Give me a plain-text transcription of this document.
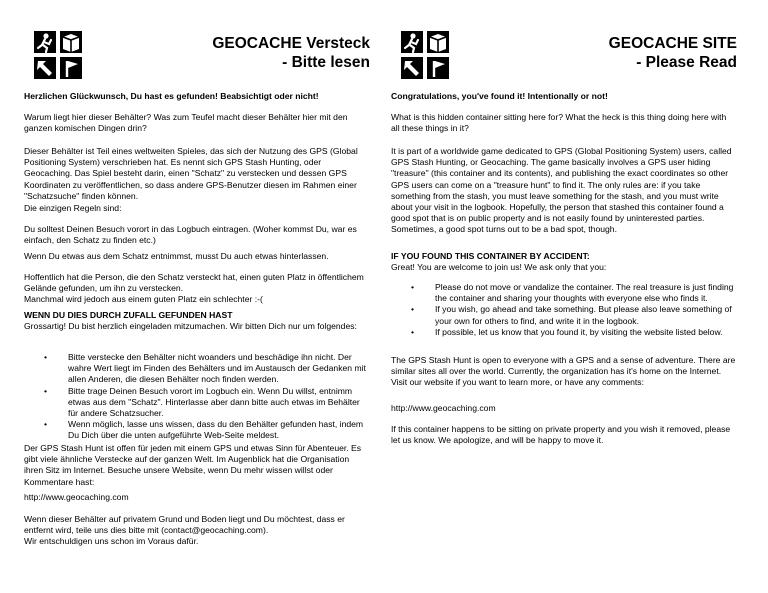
GEOCACHE Versteck
- Bitte lesen

Herzlichen Glückwunsch, Du hast es gefunden! Beabsichtigt oder nicht!

Warum liegt hier dieser Behälter? Was zum Teufel macht dieser Behälter hier mit den ganzen komischen Dingen drin?

Dieser Behälter ist Teil eines weltweiten Spieles, das sich der Nutzung des GPS (Global Positioning System) verschrieben hat. Es nennt sich GPS Stash Hunting, oder Geocaching. Das Spiel besteht darin, einen "Schatz" zu verstecken und dessen GPS Koordinaten zu veröffentlichen, so dass andere GPS-Benutzer diesen im Rahmen einer "Schatzsuche" finden können.

Die einzigen Regeln sind:

Du solltest Deinen Besuch vorort in das Logbuch eintragen. (Woher kommst Du, war es einfach, den Schatz zu finden etc.)

Wenn Du etwas aus dem Schatz entnimmst, musst Du auch etwas hinterlassen.

Hoffentlich hat die Person, die den Schatz versteckt hat, einen guten Platz in öffentlichem Gelände gefunden, um ihn zu verstecken.

Manchmal wird jedoch aus einem guten Platz ein schlechter :-(

WENN DU DIES DURCH ZUFALL GEFUNDEN HAST

Grossartig! Du bist herzlich eingeladen mitzumachen. Wir bitten Dich nur um folgendes:

• Bitte verstecke den Behälter nicht woanders und beschädige ihn nicht. Der wahre Wert liegt im Finden des Behälters und im Austausch der Gedanken mit allen Anderen, die diesen Behälter noch finden werden.
• Bitte trage Deinen Besuch vorort im Logbuch ein. Wenn Du willst, entnimm etwas aus dem "Schatz". Hinterlasse aber dann bitte auch etwas im Behälter für andere Schatzsucher.
• Wenn möglich, lasse uns wissen, dass du den Behälter gefunden hast, indem Du Dich über die unten aufgeführte Web-Seite meldest.

Der GPS Stash Hunt ist offen für jeden mit einem GPS und etwas Sinn für Abenteuer. Es gibt viele ähnliche Verstecke auf der ganzen Welt. Im Augenblick hat die Organisation ihren Sitz im Internet. Besuche unsere Website, wenn Du mehr wissen willst oder Kommentare hast:

http://www.geocaching.com

Wenn dieser Behälter auf privatem Grund und Boden liegt und Du möchtest, dass er entfernt wird, teile uns dies bitte mit (contact@geocaching.com).

Wir entschuldigen uns schon im Voraus dafür.

GEOCACHE SITE
- Please Read

Congratulations, you've found it! Intentionally or not!

What is this hidden container sitting here for? What the heck is this thing doing here with all these things in it?

It is part of a worldwide game dedicated to GPS (Global Positioning System) users, called GPS Stash Hunting, or Geocaching. The game basically involves a GPS user hiding "treasure" (this container and its contents), and publishing the exact coordinates so other GPS users can come on a "treasure hunt" to find it. The only rules are: if you take something from the stash, you must leave something for the stash, and you must write about your visit in the logbook. Hopefully, the person that stashed this container found a good spot that is on public property and is not easily found by uninterested parties. Sometimes, a good spot turns out to be a bad spot, though.

IF YOU FOUND THIS CONTAINER BY ACCIDENT:

Great! You are welcome to join us! We ask only that you:

• Please do not move or vandalize the container. The real treasure is just finding the container and sharing your thoughts with everyone else who finds it.
• If you wish, go ahead and take something. But please also leave something of your own for others to find, and write it in the logbook.
• If possible, let us know that you found it, by visiting the website listed below.

The GPS Stash Hunt is open to everyone with a GPS and a sense of adventure. There are similar sites all over the world. Currently, the organization has it's home on the Internet. Visit our website if you want to learn more, or have any comments:

http://www.geocaching.com

If this container happens to be sitting on private property and you wish it removed, please let us know. We apologize, and will be happy to move it.
